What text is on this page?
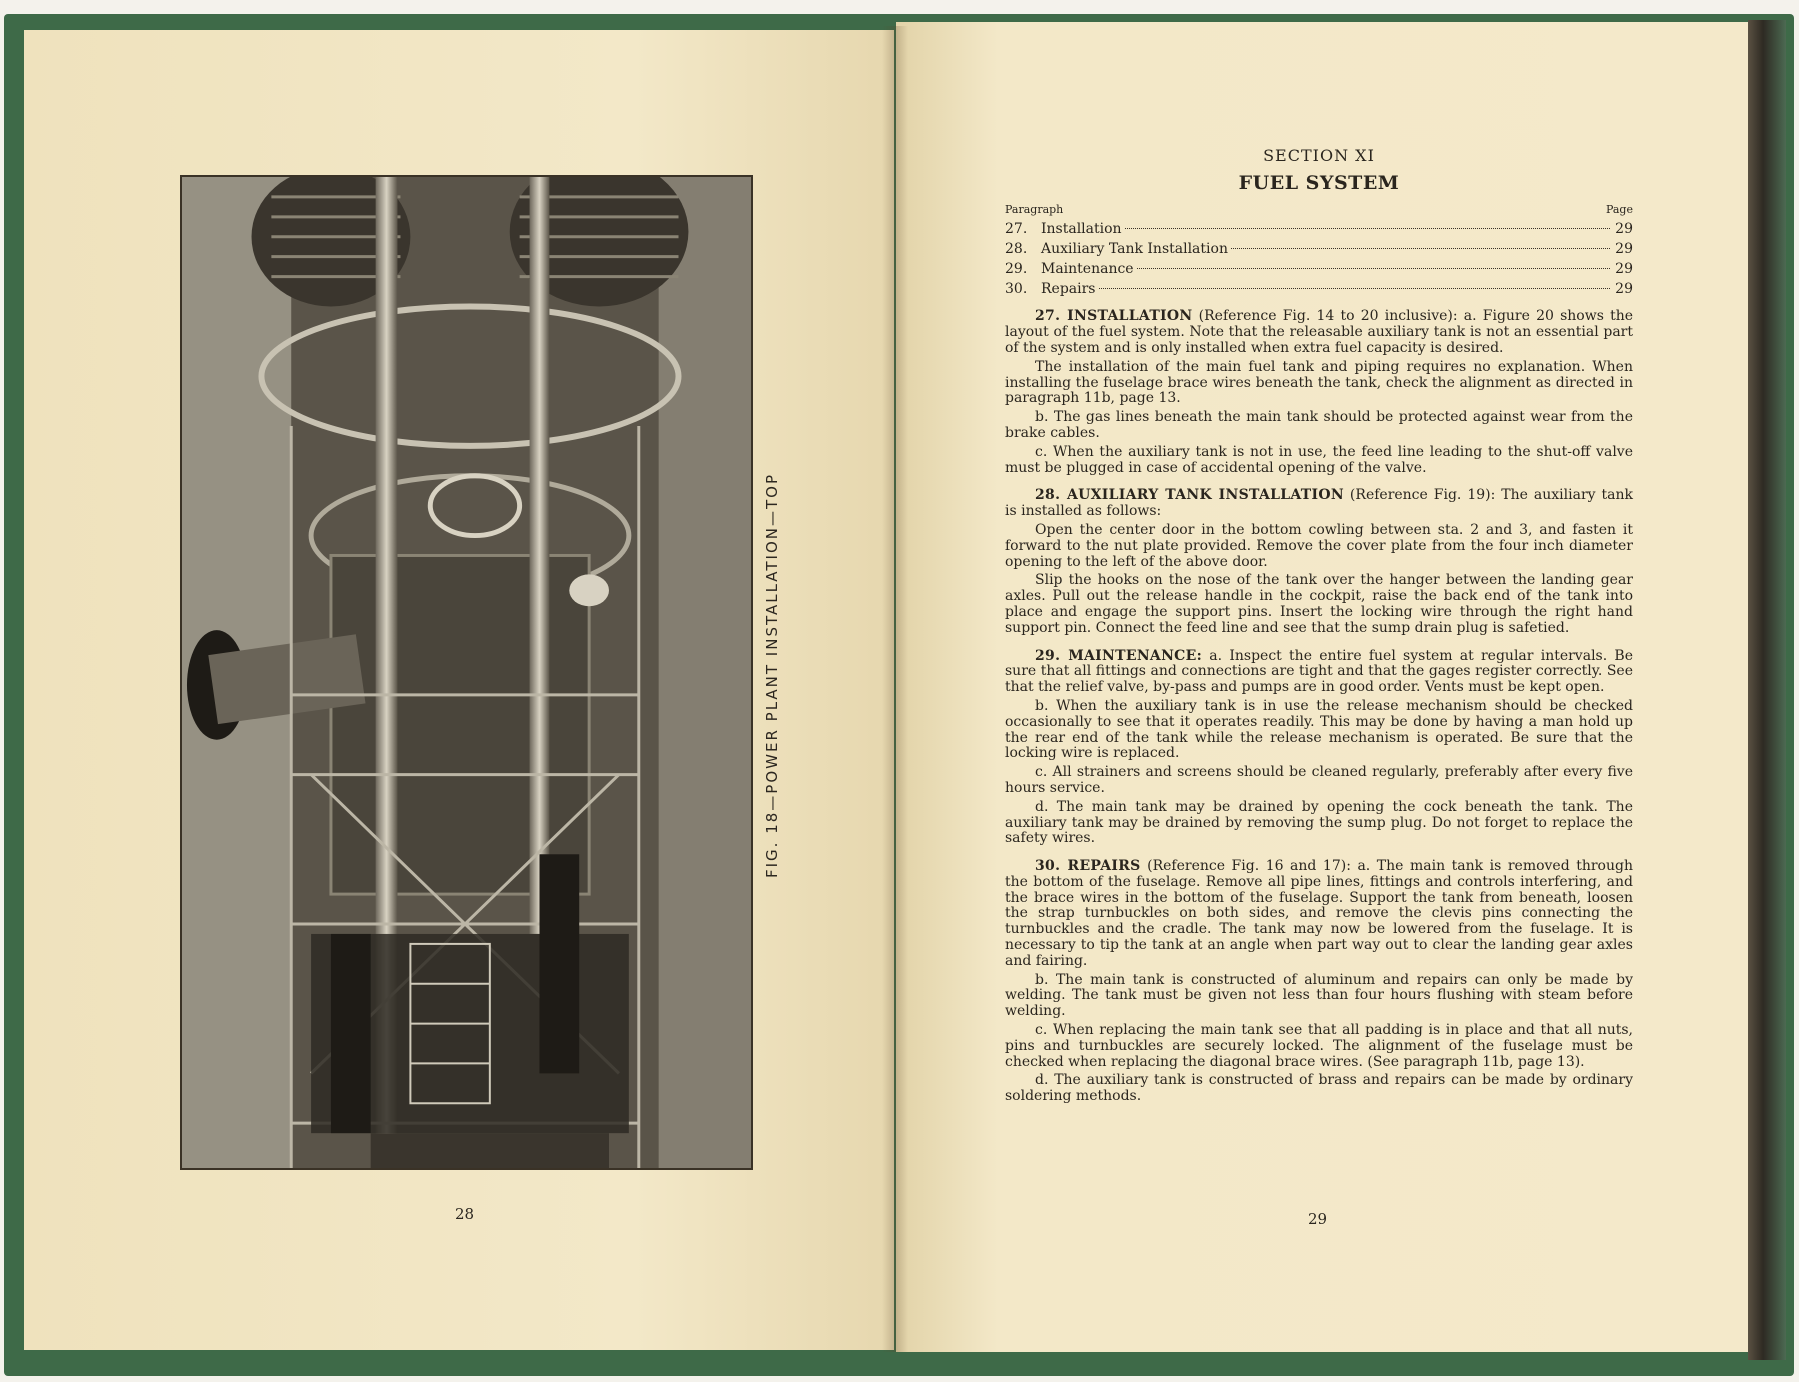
FIG. 18—POWER PLANT INSTALLATION—TOP
28
SECTION XI
FUEL SYSTEM
Paragraph	Page
27. Installation	29
28. Auxiliary Tank Installation	29
29. Maintenance	29
30. Repairs	29

27. INSTALLATION (Reference Fig. 14 to 20 inclusive): a. Figure 20 shows the layout of the fuel system. Note that the releasable auxiliary tank is not an essential part of the system and is only installed when extra fuel capacity is desired.

The installation of the main fuel tank and piping requires no explanation. When installing the fuselage brace wires beneath the tank, check the alignment as directed in paragraph 11b, page 13.

b. The gas lines beneath the main tank should be protected against wear from the brake cables.

c. When the auxiliary tank is not in use, the feed line leading to the shut-off valve must be plugged in case of accidental opening of the valve.

28. AUXILIARY TANK INSTALLATION (Reference Fig. 19): The auxiliary tank is installed as follows:

Open the center door in the bottom cowling between sta. 2 and 3, and fasten it forward to the nut plate provided. Remove the cover plate from the four inch diameter opening to the left of the above door.

Slip the hooks on the nose of the tank over the hanger between the landing gear axles. Pull out the release handle in the cockpit, raise the back end of the tank into place and engage the support pins. Insert the locking wire through the right hand support pin. Connect the feed line and see that the sump drain plug is safetied.

29. MAINTENANCE: a. Inspect the entire fuel system at regular intervals. Be sure that all fittings and connections are tight and that the gages register correctly. See that the relief valve, by-pass and pumps are in good order. Vents must be kept open.

b. When the auxiliary tank is in use the release mechanism should be checked occasionally to see that it operates readily. This may be done by having a man hold up the rear end of the tank while the release mechanism is operated. Be sure that the locking wire is replaced.

c. All strainers and screens should be cleaned regularly, preferably after every five hours service.

d. The main tank may be drained by opening the cock beneath the tank. The auxiliary tank may be drained by removing the sump plug. Do not forget to replace the safety wires.

30. REPAIRS (Reference Fig. 16 and 17): a. The main tank is removed through the bottom of the fuselage. Remove all pipe lines, fittings and controls interfering, and the brace wires in the bottom of the fuselage. Support the tank from beneath, loosen the strap turnbuckles on both sides, and remove the clevis pins connecting the turnbuckles and the cradle. The tank may now be lowered from the fuselage. It is necessary to tip the tank at an angle when part way out to clear the landing gear axles and fairing.

b. The main tank is constructed of aluminum and repairs can only be made by welding. The tank must be given not less than four hours flushing with steam before welding.

c. When replacing the main tank see that all padding is in place and that all nuts, pins and turnbuckles are securely locked. The alignment of the fuselage must be checked when replacing the diagonal brace wires. (See paragraph 11b, page 13).

d. The auxiliary tank is constructed of brass and repairs can be made by ordinary soldering methods.

29
